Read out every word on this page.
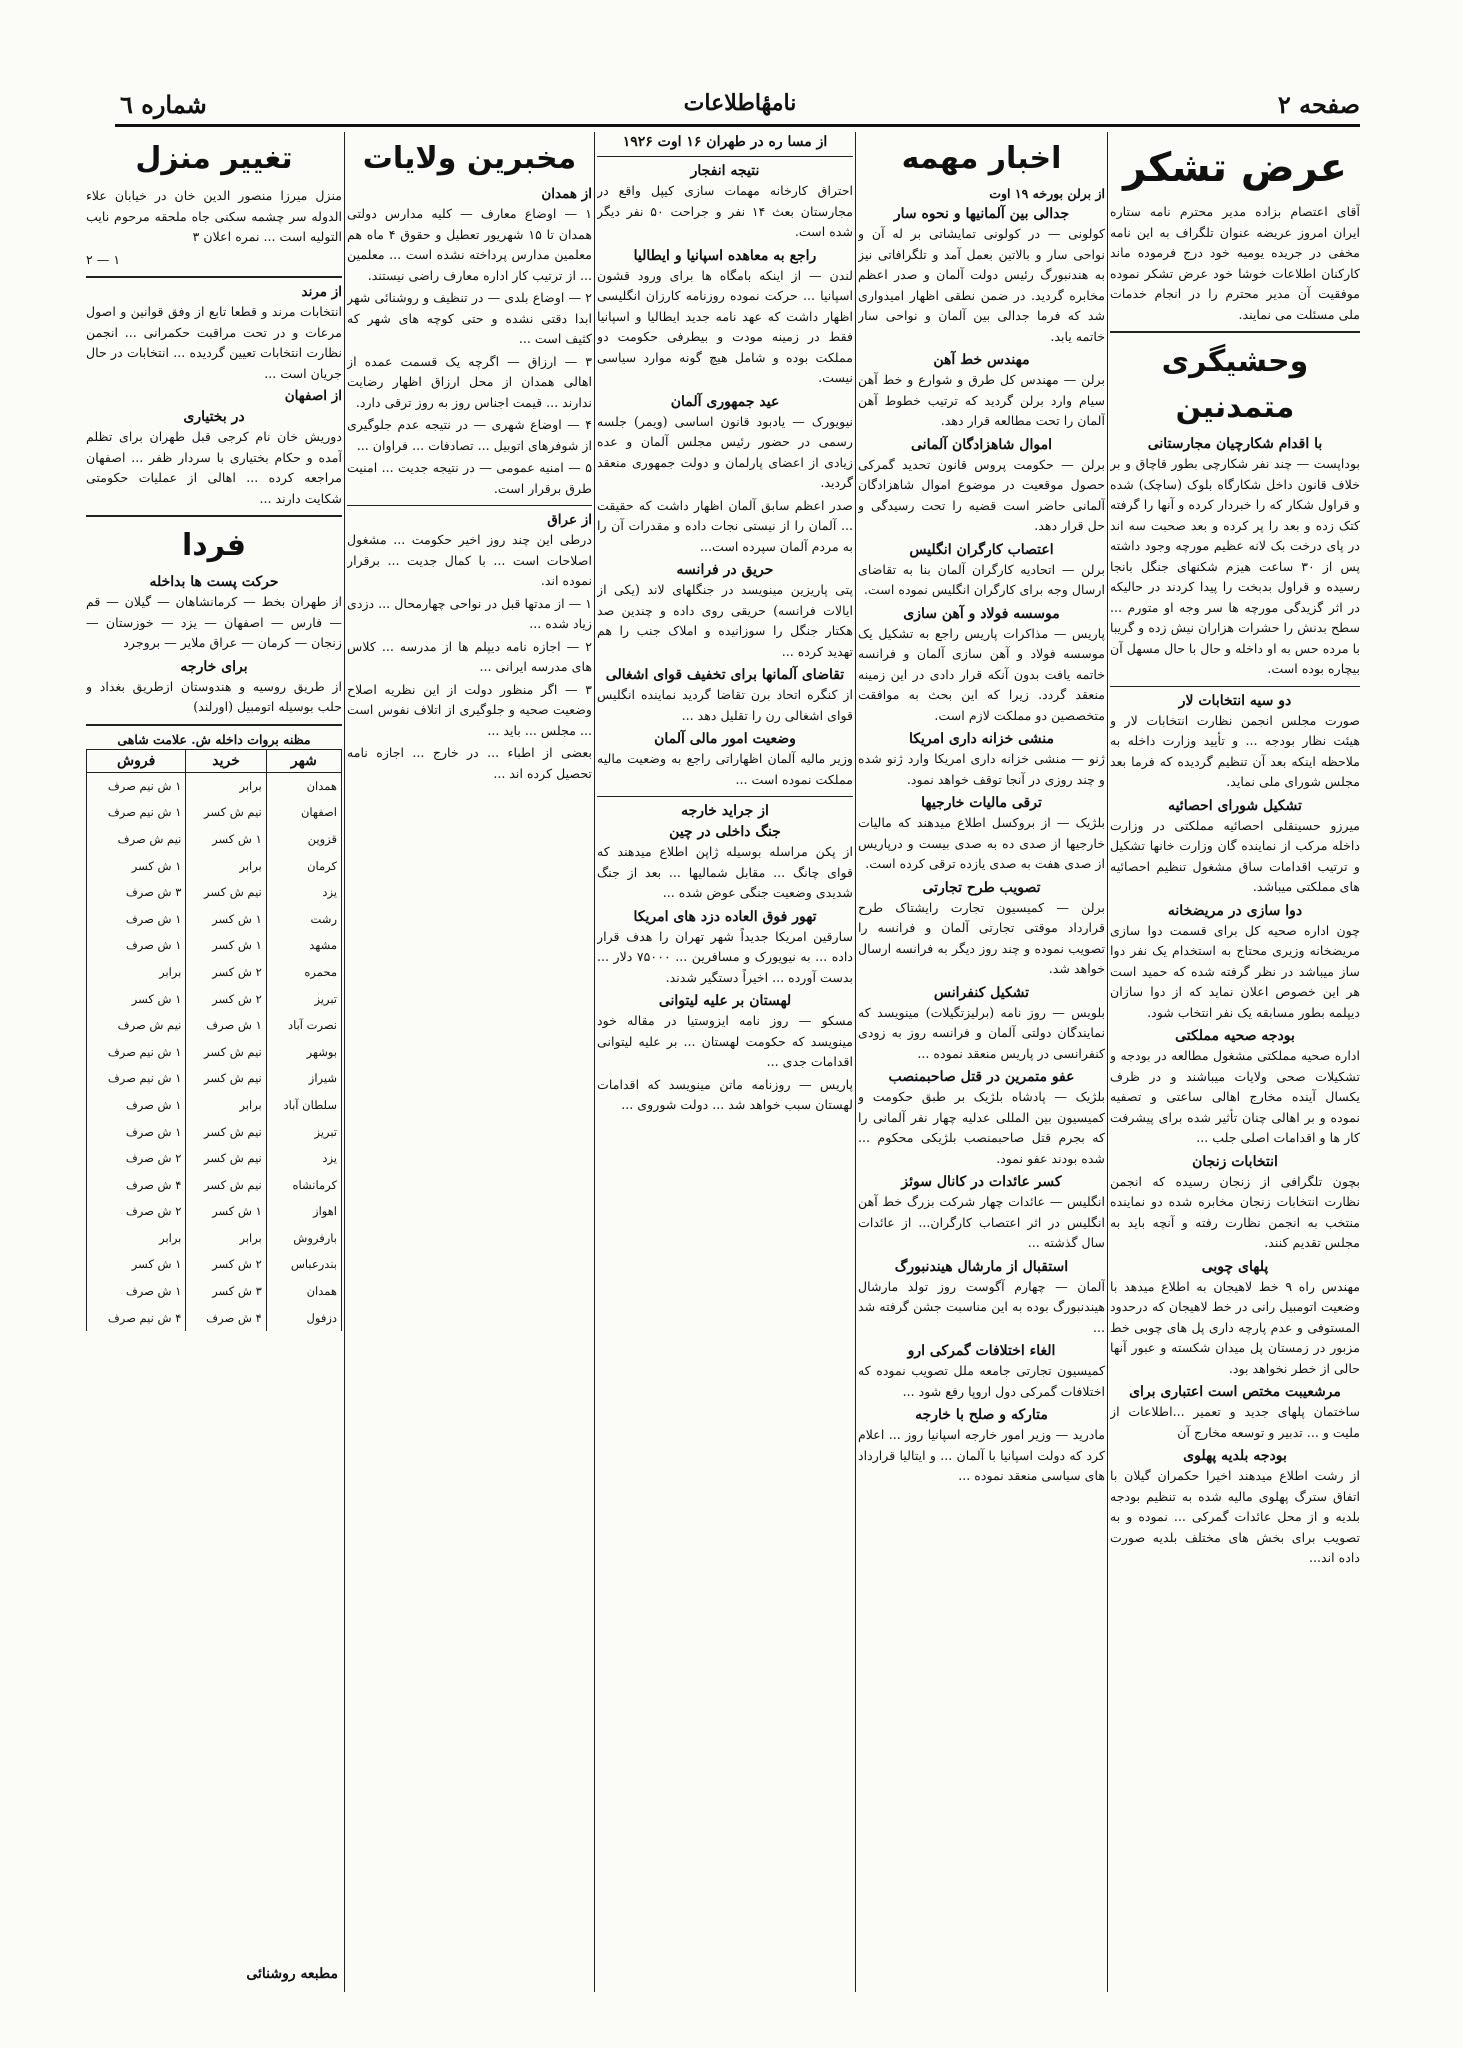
صفحه ۲
نامهٔاطلاعات
شماره ٦
عرض تشکر

آقای اعتصام بزاده مدیر محترم نامه ستاره ایران امروز عریضه عنوان تلگراف به این نامه مخفی در جریده یومیه خود درج فرموده ماند کارکنان اطلاعات خوشا خود عرض تشکر نموده موفقیت آن مدیر محترم را در انجام خدمات ملی مسئلت می نمایند.

وحشیگری متمدنین
با اقدام شکارچیان مجارستانی

بوداپست — چند نفر شکارچی بطور قاچاق و بر خلاف قانون داخل شکارگاه بلوک (ساچک) شده و قراول شکار که را خبردار کرده و آنها را گرفته کتک زده و بعد را پر کرده و بعد صحبت سه اند در پای درخت بک لانه عظیم مورچه وجود داشته پس از ۳۰ ساعت هیزم شکنهای جنگل بانجا رسیده و قراول بدبخت را پیدا کردند در حالیکه در اثر گزیدگی مورچه ها سر وجه او متورم ... سطح بدنش را حشرات هزاران نیش زده و گریبا با مرده حس به او داخله و حال با حال مسهل آن بیچاره بوده است.

دو سیه انتخابات لار

صورت مجلس انجمن نظارت انتخابات لار و هیئت نظار بودجه ... و تأیید وزارت داخله به ملاحظه اینکه بعد آن تنظیم گردیده که فرما بعد مجلس شورای ملی نماید.

تشکیل شورای احصائیه

میرزو حسینقلی احصائیه مملکتی در وزارت داخله مرکب از نماینده گان وزارت خانها تشکیل و ترتیب اقدامات ساق مشغول تنظیم احصائیه های مملکتی میباشد.

دوا سازی در مریضخانه

چون اداره صحیه کل برای قسمت دوا سازی مریضخانه وزیری محتاج به استخدام یک نفر دوا ساز میباشد در نظر گرفته شده که حمید است هر این خصوص اعلان نماید که از دوا سازان دیپلمه بطور مسابقه یک نفر انتخاب شود.

بودجه صحیه مملکتی

اداره صحیه مملکتی مشغول مطالعه در بودجه و تشکیلات صحی ولایات میباشند و در ظرف یکسال آینده مخارج اهالی ساعتی و تصفیه نموده و بر اهالی چنان تأثیر شده برای پیشرفت کار ها و اقدامات اصلی جلب ...

انتخابات زنجان

بچون تلگرافی از زنجان رسیده که انجمن نظارت انتخابات زنجان مخابره شده دو نماینده منتخب به انجمن نظارت رفته و آنچه باید به مجلس تقدیم کنند.

پلهای چوبی

مهندس راه ۹ خط لاهیجان به اطلاع میدهد با وضعیت اتومبیل رانی در خط لاهیجان که درحدود المستوفی و عدم پارچه داری پل های چوبی خط مزبور در زمستان پل میدان شکسته و عبور آنها حالی از خطر نخواهد بود.

مرشعیبت مختص است اعتباری برای

ساختمان پلهای جدید و تعمیر ...اطلاعات از ملیت و ... تدبیر و توسعه مخارج آن

بودجه بلدیه پهلوی

از رشت اطلاع میدهند اخیرا حکمران گیلان با اتفاق سترگ پهلوی مالیه شده به تنظیم بودجه بلدیه و از محل عائدات گمرکی ... نموده و به تصویب برای بخش های مختلف بلدیه صورت داده اند...

اخبار مهمه
از برلن بورخه ۱۹ اوت
جدالی بین آلمانیها و نحوه سار

کولونی — در کولونی تمایشاتی بر له آن و نواحی سار و بالاتین بعمل آمد و تلگرافاتی نیز به هندنبورگ رئیس دولت آلمان و صدر اعظم مخابره گردید. در ضمن نطقی اظهار امیدواری شد که فرما جدالی بین آلمان و نواحی سار خاتمه یابد.

مهندس خط آهن

برلن — مهندس کل طرق و شوارع و خط آهن سیام وارد برلن گردید که ترتیب خطوط آهن آلمان را تحت مطالعه قرار دهد.

اموال شاهزادگان آلمانی

برلن — حکومت پروس قانون تحدید گمرکی حصول موقعیت در موضوع اموال شاهزادگان آلمانی حاضر است قضیه را تحت رسیدگی و حل قرار دهد.

اعتصاب کارگران انگلیس

برلن — اتحادیه کارگران آلمان بنا به تقاضای ارسال وجه برای کارگران انگلیس نموده است.

موسسه فولاد و آهن سازی

پاریس — مذاکرات پاریس راجع به تشکیل یک موسسه فولاد و آهن سازی آلمان و فرانسه خاتمه یافت بدون آنکه قرار دادی در این زمینه منعقد گردد. زیرا که این بحث به موافقت متخصصین دو مملکت لازم است.

منشی خزانه داری امریکا

ژنو — منشی خزانه داری امریکا وارد ژنو شده و چند روزی در آنجا توقف خواهد نمود.

ترقی مالیات خارجیها

بلژیک — از بروکسل اطلاع میدهند که مالیات خارجیها از صدی ده به صدی بیست و درپاریس از صدی هفت به صدی یازده ترقی کرده است.

تصویب طرح تجارتی

برلن — کمیسیون تجارت رایشتاک طرح قرارداد موقتی تجارتی آلمان و فرانسه را تصویب نموده و چند روز دیگر به فرانسه ارسال خواهد شد.

تشکیل کنفرانس

بلویس — روز نامه (برلیزتگیلات) مینویسد که نمایندگان دولتی آلمان و فرانسه روز به زودی کنفرانسی در پاریس منعقد نموده ...

عفو متمرین در قتل صاحبمنصب

بلژیک — پادشاه بلژیک بر طبق حکومت و کمیسیون بین المللی عدلیه چهار نفر آلمانی را که بجرم قتل صاحبمنصب بلژیکی محکوم ... شده بودند عفو نمود.

کسر عائدات در کانال سوئز

انگلیس — عائدات چهار شرکت بزرگ خط آهن انگلیس در اثر اعتصاب کارگران... از عائدات سال گذشته ...

استقبال از مارشال هیندنبورگ

آلمان — چهارم آگوست روز تولد مارشال هیندنبورگ بوده به این مناسبت جشن گرفته شد ...

الغاء اختلافات گمرکی ارو

کمیسیون تجارتی جامعه ملل تصویب نموده که اختلافات گمرکی دول اروپا رفع شود ...

متارکه و صلح با خارجه

مادرید — وزیر امور خارجه اسپانیا روز ... اعلام کرد که دولت اسپانیا با آلمان ... و ایتالیا قرارداد های سیاسی منعقد نموده ...

از مسا ره در طهران ۱۶ اوت ۱۹۲۶
نتیجه انفجار

احتراق کارخانه مهمات سازی کیپل واقع در مجارستان بعث ۱۴ نفر و جراحت ۵۰ نفر دیگر شده است.

راجع به معاهده اسپانیا و ایطالیا

لندن — از اینکه بامگاه ها برای ورود قشون اسپانیا ... حرکت نموده روزنامه کارزان انگلیسی اظهار داشت که عهد نامه جدید ایطالیا و اسپانیا فقط در زمینه مودت و بیطرفی حکومت دو مملکت بوده و شامل هیچ گونه موارد سیاسی نیست.

عید جمهوری آلمان

نیویورک — یادبود قانون اساسی (ویمر) جلسه رسمی در حضور رئیس مجلس آلمان و عده زیادی از اعضای پارلمان و دولت جمهوری منعقد گردید.

صدر اعظم سابق آلمان اظهار داشت که حقیقت ... آلمان را از نیستی نجات داده و مقدرات آن را به مردم آلمان سپرده است...

حریق در فرانسه

پتی پاریزین مینویسد در جنگلهای لاند (یکی از ایالات فرانسه) حریقی روی داده و چندین صد هکتار جنگل را سوزانیده و املاک جنب را هم تهدید کرده ...

تقاضای آلمانها برای تخفیف قوای اشغالی

از کنگره اتحاد برن تقاضا گردید نماینده انگلیس قوای اشغالی رن را تقلیل دهد ...

وضعیت امور مالی آلمان

وزیر مالیه آلمان اظهاراتی راجع به وضعیت مالیه مملکت نموده است ...

از جراید خارجه
جنگ داخلی در چین

از پکن مراسله بوسیله ژاپن اطلاع میدهند که قوای چانگ ... مقابل شمالیها ... بعد از جنگ شدیدی وضعیت جنگی عوض شده ...

تهور فوق العاده دزد های امریکا

سارقین امریکا جدیداً شهر تهران را هدف قرار داده ... به نیویورک و مسافرین ... ۷۵۰۰۰ دلار ... بدست آورده ... اخیراً دستگیر شدند.

لهستان بر علیه لیتوانی

مسکو — روز نامه ایزوستیا در مقاله خود مینویسد که حکومت لهستان ... بر علیه لیتوانی اقدامات جدی ...

پاریس — روزنامه ماتن مینویسد که اقدامات لهستان سبب خواهد شد ... دولت شوروی ...

مخبرین ولایات
از همدان

۱ — اوضاع معارف — کلیه مدارس دولتی همدان تا ۱۵ شهریور تعطیل و حقوق ۴ ماه هم معلمین مدارس پرداخته نشده است ... معلمین ... از ترتیب کار اداره معارف راضی نیستند.

۲ — اوضاع بلدی — در تنظیف و روشنائی شهر ابدا دقتی نشده و حتی کوچه های شهر که کثیف است ...

۳ — ارزاق — اگرچه یک قسمت عمده از اهالی همدان از محل ارزاق اظهار رضایت ندارند ... قیمت اجناس روز به روز ترقی دارد.

۴ — اوضاع شهری — در نتیجه عدم جلوگیری از شوفرهای اتوبیل ... تصادفات ... فراوان ...

۵ — امنیه عمومی — در نتیجه جدیت ... امنیت طرق برقرار است.

از عراق

درطی این چند روز اخیر حکومت ... مشغول اصلاحات است ... با کمال جدیت ... برقرار نموده اند.

۱ — از مدتها قبل در نواحی چهارمحال ... دزدی زیاد شده ...

۲ — اجازه نامه دیپلم ها از مدرسه ... کلاس های مدرسه ایرانی ...

۳ — اگر منظور دولت از این نظریه اصلاح وضعیت صحیه و جلوگیری از اتلاف نفوس است ... مجلس ... باید ...

بعضی از اطباء ... در خارج ... اجازه نامه تحصیل کرده اند ...

تغییر منزل

منزل میرزا منصور الدین خان در خیابان علاء الدوله سر چشمه سکنی جاه ملحقه مرحوم نایب التولیه است ... نمره اعلان ۳

۱ — ۲
از مرند

انتخابات مرند و قطعا تابع از وفق قوانین و اصول مرعات و در تحت مراقبت حکمرانی ... انجمن نظارت انتخابات تعیین گردیده ... انتخابات در حال جریان است ...

از اصفهان
در بختیاری

دوریش خان نام کرجی قبل طهران برای تظلم آمده و حکام بختیاری با سردار ظفر ... اصفهان مراجعه کرده ... اهالی از عملیات حکومتی شکایت دارند ...

فردا
حرکت پست ها بداخله

از طهران بخط — کرمانشاهان — گیلان — قم — فارس — اصفهان — یزد — خوزستان — زنجان — کرمان — عراق ملایر — بروجرد

برای خارجه

از طریق روسیه و هندوستان ازطریق بغداد و حلب بوسیله اتومبیل (اورلند)

مظنه بروات داخله ش. علامت شاهی
شهر	خرید	فروش
همدان	برابر	۱ ش نیم صرف
اصفهان	نیم ش کسر	۱ ش نیم صرف
قزوین	۱ ش کسر	نیم ش صرف
کرمان	برابر	۱ ش کسر
یزد	نیم ش کسر	۳ ش صرف
رشت	۱ ش کسر	۱ ش صرف
مشهد	۱ ش کسر	۱ ش صرف
محمره	۲ ش کسر	برابر
تبریز	۲ ش کسر	۱ ش کسر
نصرت آباد	۱ ش صرف	نیم ش صرف
بوشهر	نیم ش کسر	۱ ش نیم صرف
شیراز	نیم ش کسر	۱ ش نیم صرف
سلطان آباد	برابر	۱ ش صرف
تبریز	نیم ش کسر	۱ ش صرف
یزد	نیم ش کسر	۲ ش صرف
کرمانشاه	نیم ش کسر	۴ ش صرف
اهواز	۱ ش کسر	۲ ش صرف
بارفروش	برابر	برابر
بندرعباس	۲ ش کسر	۱ ش کسر
همدان	۳ ش کسر	۱ ش صرف
دزفول	۴ ش صرف	۴ ش نیم صرف
مطبعه روشنائی
